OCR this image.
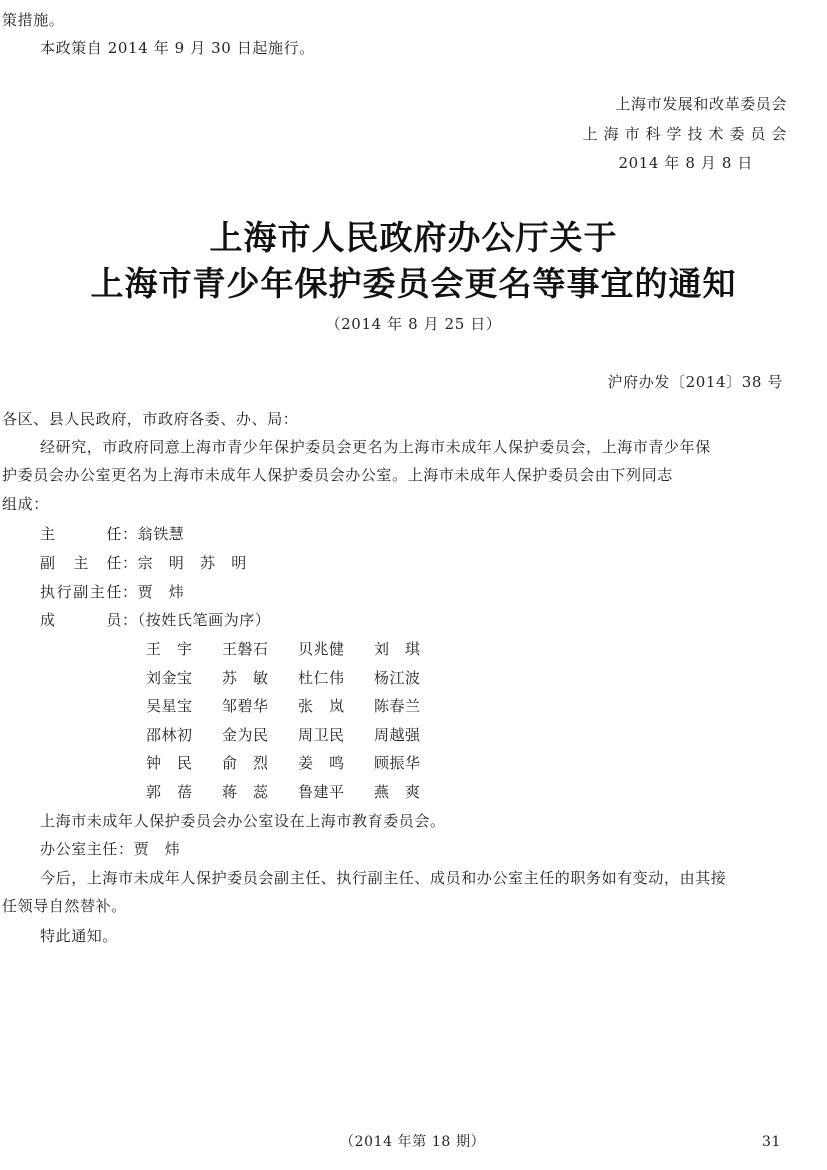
策措施。
本政策自 2014 年 9 月 30 日起施行。
上海市发展和改革委员会
上 海 市 科 学 技 术 委 员 会
2014 年 8 月 8 日
上海市人民政府办公厅关于
上海市青少年保护委员会更名等事宜的通知
（2014 年 8 月 25 日）
沪府办发〔2014〕38 号
各区、县人民政府，市政府各委、办、局：
经研究，市政府同意上海市青少年保护委员会更名为上海市未成年人保护委员会，上海市青少年保
护委员会办公室更名为上海市未成年人保护委员会办公室。上海市未成年人保护委员会由下列同志
组成：
主 任：翁铁慧
副 主 任：宗　明　苏　明
执行副主任：贾　炜
成 员：（按姓氏笔画为序）
王　宇 王磐石 贝兆健 刘　琪
刘金宝 苏　敏 杜仁伟 杨江波
吴星宝 邹碧华 张　岚 陈春兰
邵林初 金为民 周卫民 周越强
钟　民 俞　烈 姜　鸣 顾振华
郭　蓓 蒋　蕊 鲁建平 燕　爽
上海市未成年人保护委员会办公室设在上海市教育委员会。
办公室主任：贾　炜
今后，上海市未成年人保护委员会副主任、执行副主任、成员和办公室主任的职务如有变动，由其接
任领导自然替补。
特此通知。
（2014 年第 18 期）	31
